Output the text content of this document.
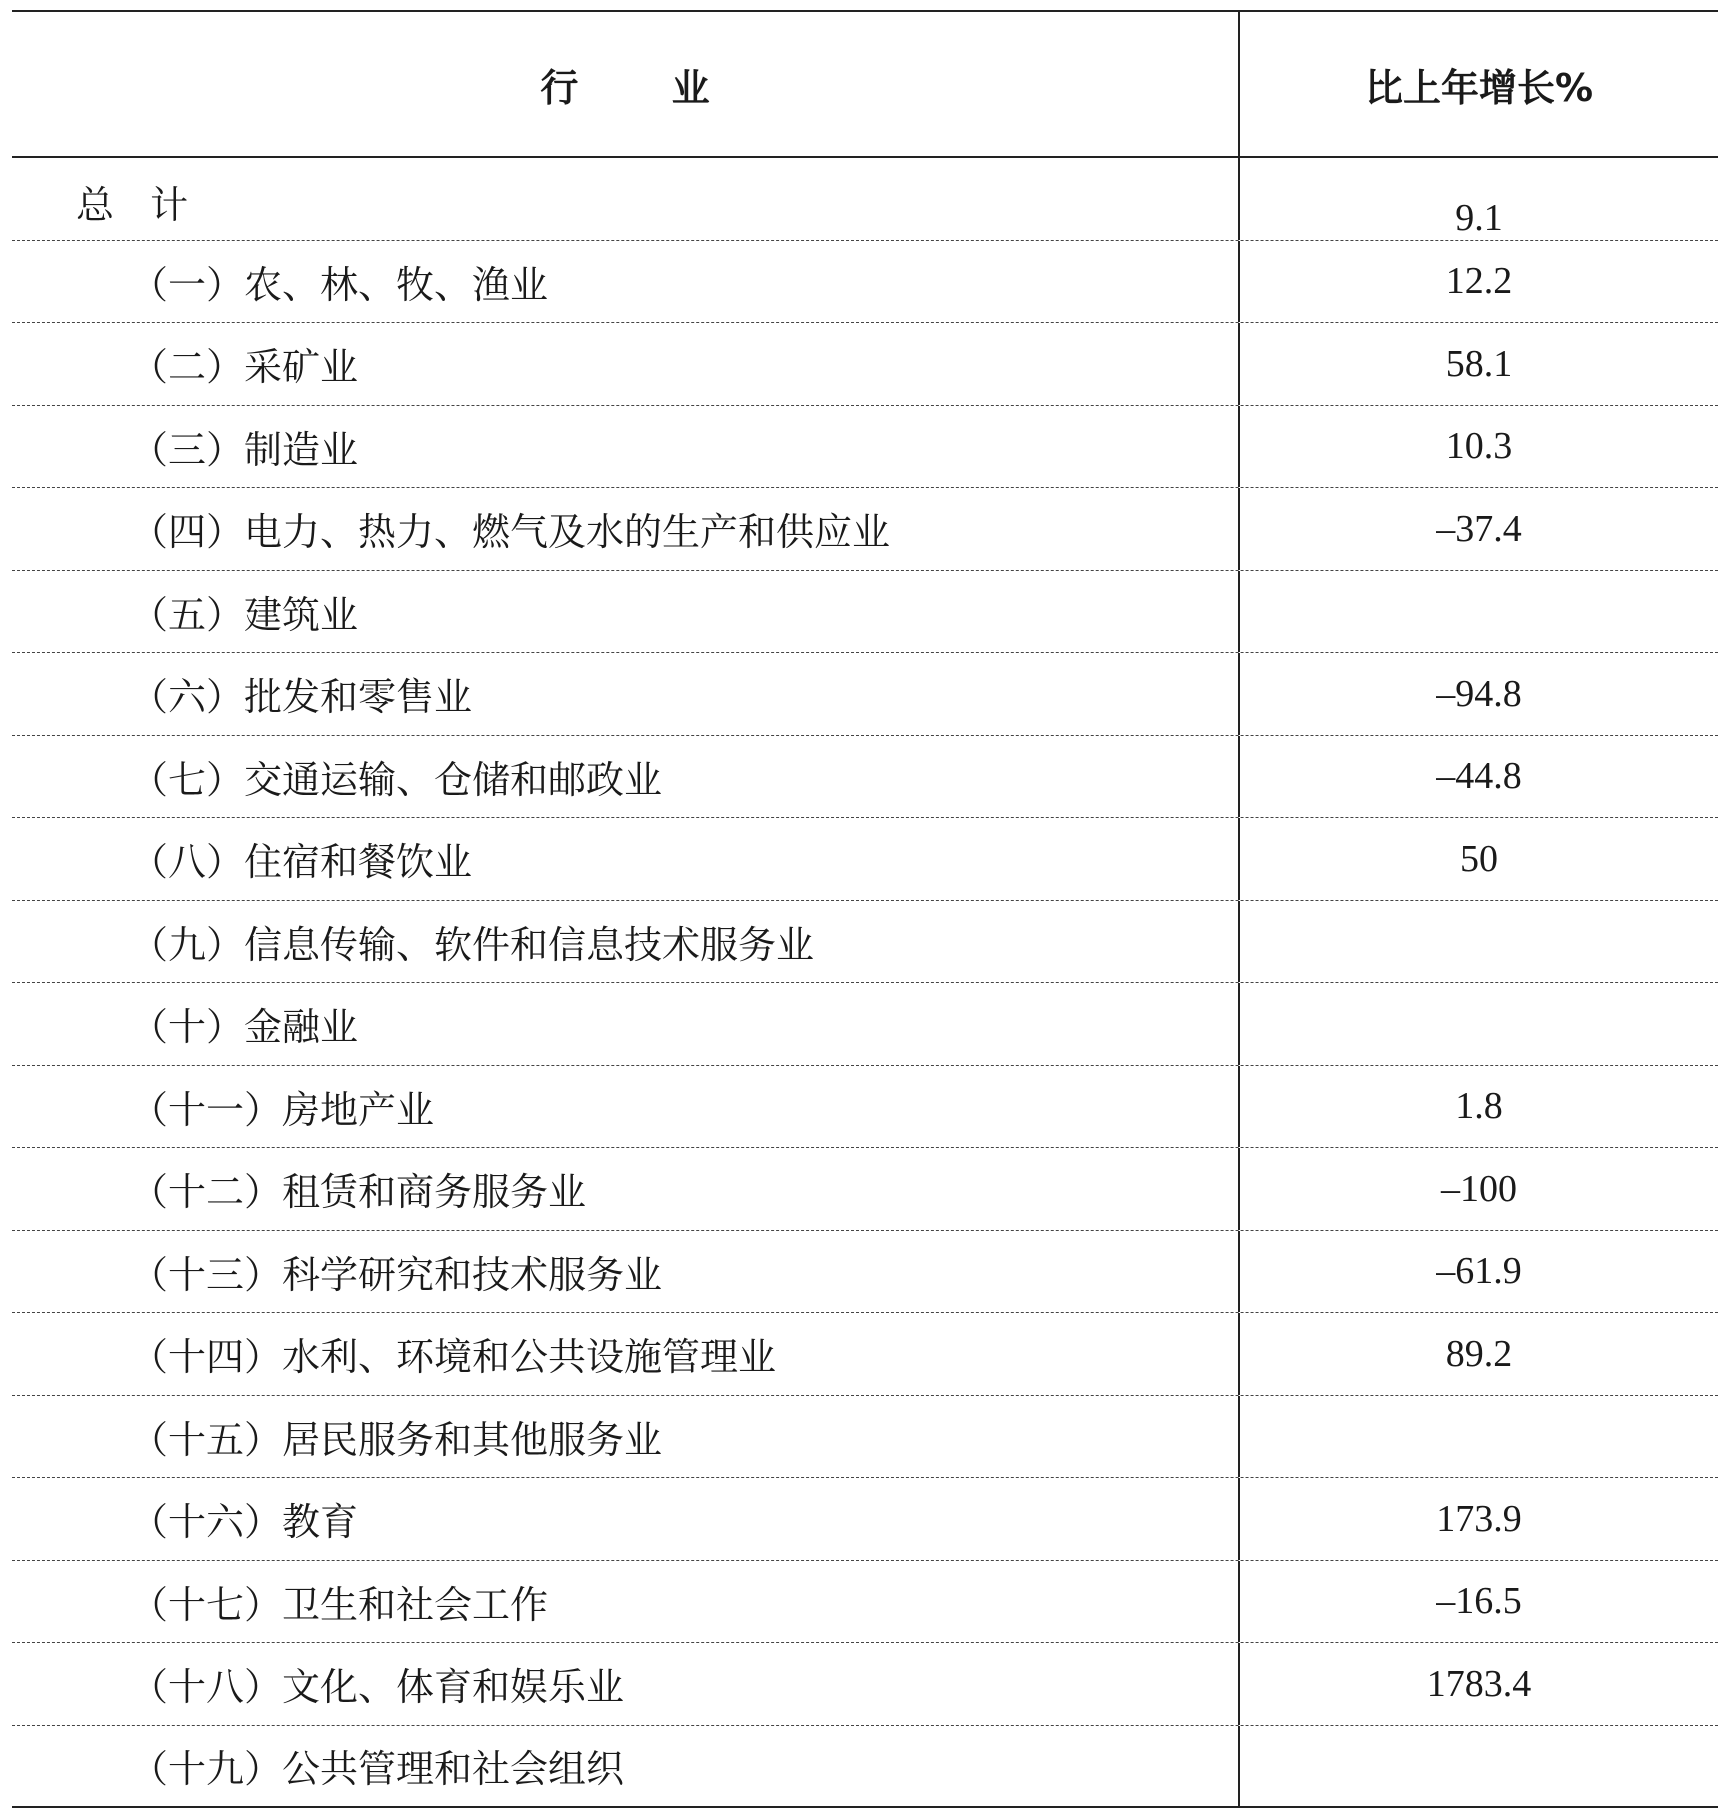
行 业	比上年增长%
总 计	9.1
（一）农、林、牧、渔业	12.2
（二）采矿业	58.1
（三）制造业	10.3
（四）电力、热力、燃气及水的生产和供应业	–37.4
（五）建筑业
（六）批发和零售业	–94.8
（七）交通运输、仓储和邮政业	–44.8
（八）住宿和餐饮业	50
（九）信息传输、软件和信息技术服务业
（十）金融业
（十一）房地产业	1.8
（十二）租赁和商务服务业	–100
（十三）科学研究和技术服务业	–61.9
（十四）水利、环境和公共设施管理业	89.2
（十五）居民服务和其他服务业
（十六）教育	173.9
（十七）卫生和社会工作	–16.5
（十八）文化、体育和娱乐业	1783.4
（十九）公共管理和社会组织
